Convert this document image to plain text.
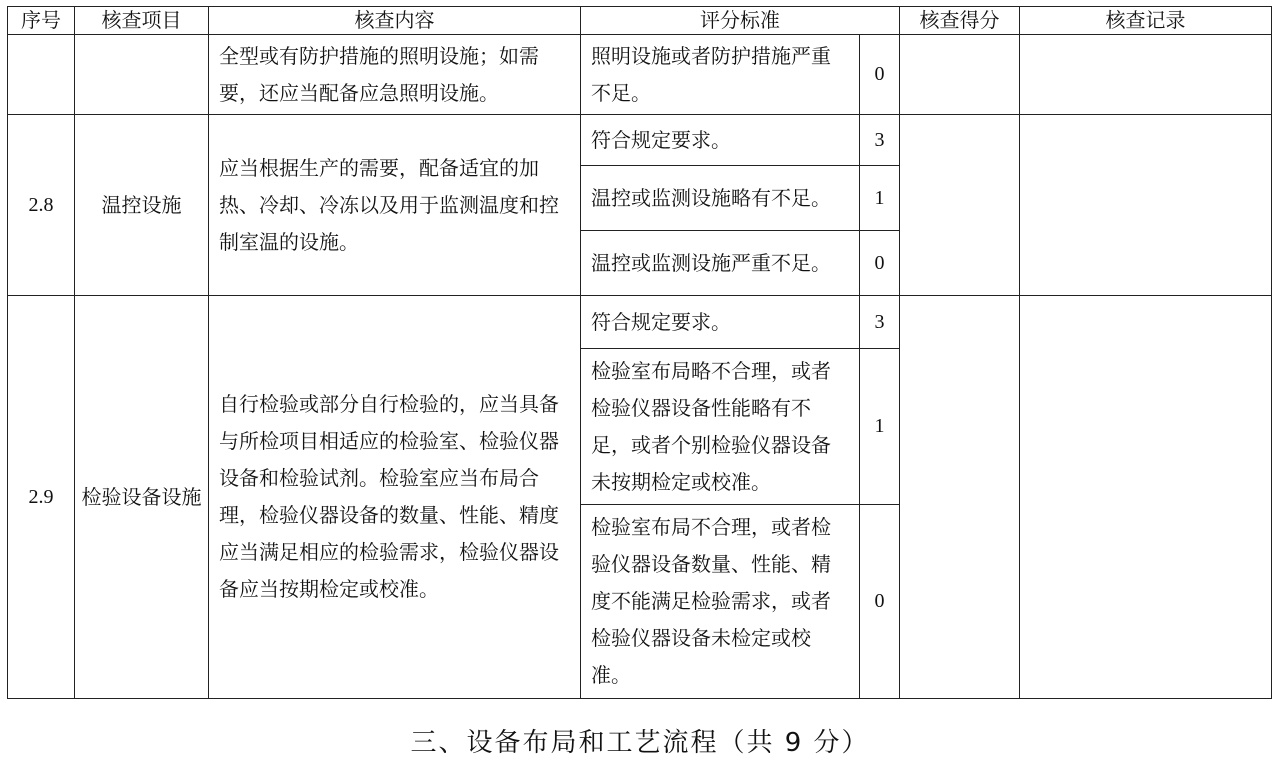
序号	核查项目	核查内容	评分标准		核查得分	核查记录
		全型或有防护措施的照明设施；如需要，还应当配备应急照明设施。	照明设施或者防护措施严重不足。	0		
2.8	温控设施	应当根据生产的需要，配备适宜的加热、冷却、冷冻以及用于监测温度和控制室温的设施。	符合规定要求。	3		
			温控或监测设施略有不足。	1		
			温控或监测设施严重不足。	0		
2.9	检验设备设施	自行检验或部分自行检验的，应当具备与所检项目相适应的检验室、检验仪器设备和检验试剂。检验室应当布局合理，检验仪器设备的数量、性能、精度应当满足相应的检验需求，检验仪器设备应当按期检定或校准。	符合规定要求。	3		
			检验室布局略不合理，或者检验仪器设备性能略有不足，或者个别检验仪器设备未按期检定或校准。	1		
			检验室布局不合理，或者检验仪器设备数量、性能、精度不能满足检验需求，或者检验仪器设备未检定或校准。	0		
三、设备布局和工艺流程（共 9 分）
